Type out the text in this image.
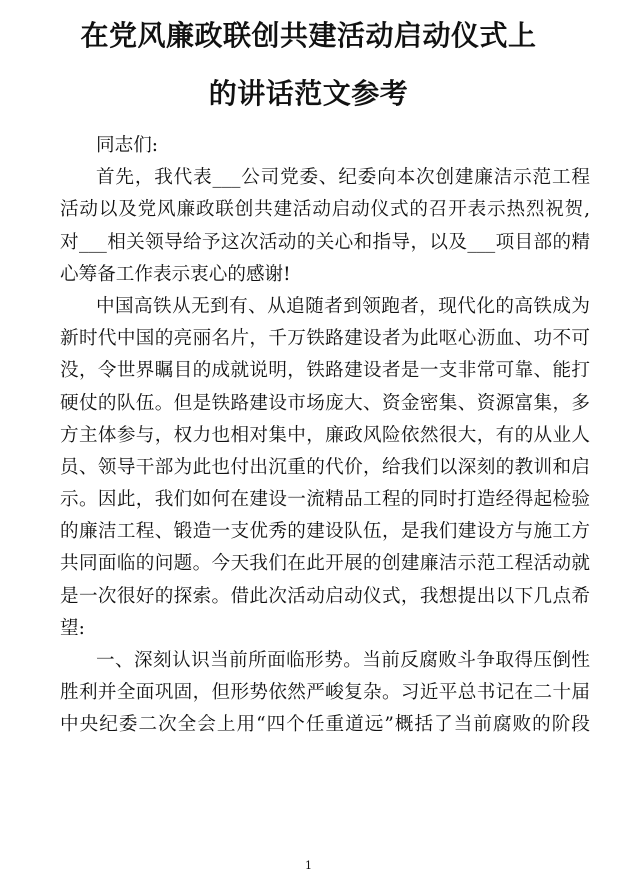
在党风廉政联创共建活动启动仪式上
的讲话范文参考
同志们:
首先，我代表___公司党委、纪委向本次创建廉洁示范工程
活动以及党风廉政联创共建活动启动仪式的召开表示热烈祝贺,
对___相关领导给予这次活动的关心和指导，以及___项目部的精
心筹备工作表示衷心的感谢!
中国高铁从无到有、从追随者到领跑者，现代化的高铁成为
新时代中国的亮丽名片，千万铁路建设者为此呕心沥血、功不可
没，令世界瞩目的成就说明，铁路建设者是一支非常可靠、能打
硬仗的队伍。但是铁路建设市场庞大、资金密集、资源富集，多
方主体参与，权力也相对集中，廉政风险依然很大，有的从业人
员、领导干部为此也付出沉重的代价，给我们以深刻的教训和启
示。因此，我们如何在建设一流精品工程的同时打造经得起检验
的廉洁工程、锻造一支优秀的建设队伍，是我们建设方与施工方
共同面临的问题。今天我们在此开展的创建廉洁示范工程活动就
是一次很好的探索。借此次活动启动仪式，我想提出以下几点希
望:
一、深刻认识当前所面临形势。当前反腐败斗争取得压倒性
胜利并全面巩固，但形势依然严峻复杂。习近平总书记在二十届
中央纪委二次全会上用“四个任重道远”概括了当前腐败的阶段
1
